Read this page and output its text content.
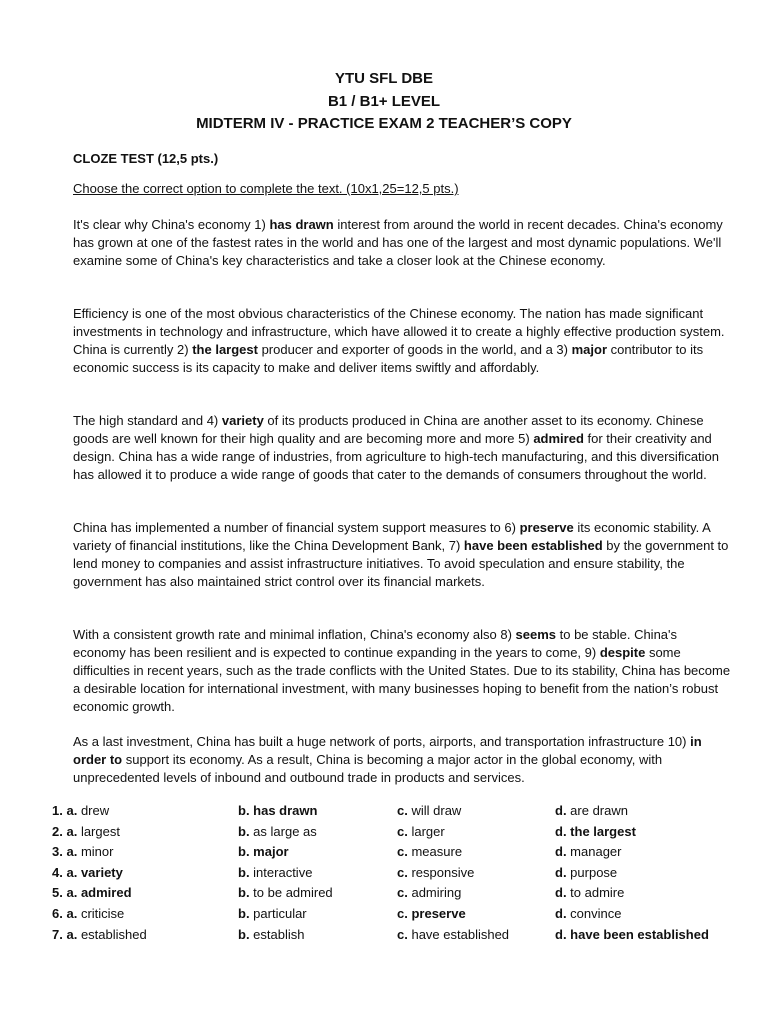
YTU SFL DBE
B1 / B1+ LEVEL
MIDTERM IV - PRACTICE EXAM 2 TEACHER’S COPY
CLOZE TEST (12,5 pts.)
Choose the correct option to complete the text. (10x1,25=12,5 pts.)

It's clear why China's economy 1) has drawn interest from around the world in recent decades. China's economy has grown at one of the fastest rates in the world and has one of the largest and most dynamic populations. We'll examine some of China's key characteristics and take a closer look at the Chinese economy.

Efficiency is one of the most obvious characteristics of the Chinese economy. The nation has made significant investments in technology and infrastructure, which have allowed it to create a highly effective production system. China is currently 2) the largest producer and exporter of goods in the world, and a 3) major contributor to its economic success is its capacity to make and deliver items swiftly and affordably.

The high standard and 4) variety of its products produced in China are another asset to its economy. Chinese goods are well known for their high quality and are becoming more and more 5) admired for their creativity and design. China has a wide range of industries, from agriculture to high-tech manufacturing, and this diversification has allowed it to produce a wide range of goods that cater to the demands of consumers throughout the world.

China has implemented a number of financial system support measures to 6) preserve its economic stability. A variety of financial institutions, like the China Development Bank, 7) have been established by the government to lend money to companies and assist infrastructure initiatives. To avoid speculation and ensure stability, the government has also maintained strict control over its financial markets.

With a consistent growth rate and minimal inflation, China's economy also 8) seems to be stable. China's economy has been resilient and is expected to continue expanding in the years to come, 9) despite some difficulties in recent years, such as the trade conflicts with the United States. Due to its stability, China has become a desirable location for international investment, with many businesses hoping to benefit from the nation’s robust economic growth.

As a last investment, China has built a huge network of ports, airports, and transportation infrastructure 10) in order to support its economy. As a result, China is becoming a major actor in the global economy, with unprecedented levels of inbound and outbound trade in products and services.

1. a. drew	b. has drawn	c. will draw	d. are drawn
2. a. largest	b. as large as	c. larger	d. the largest
3. a. minor	b. major	c. measure	d. manager
4. a. variety	b. interactive	c. responsive	d. purpose
5. a. admired	b. to be admired	c. admiring	d. to admire
6. a. criticise	b. particular	c. preserve	d. convince
7. a. established	b. establish	c. have established	d. have been established
